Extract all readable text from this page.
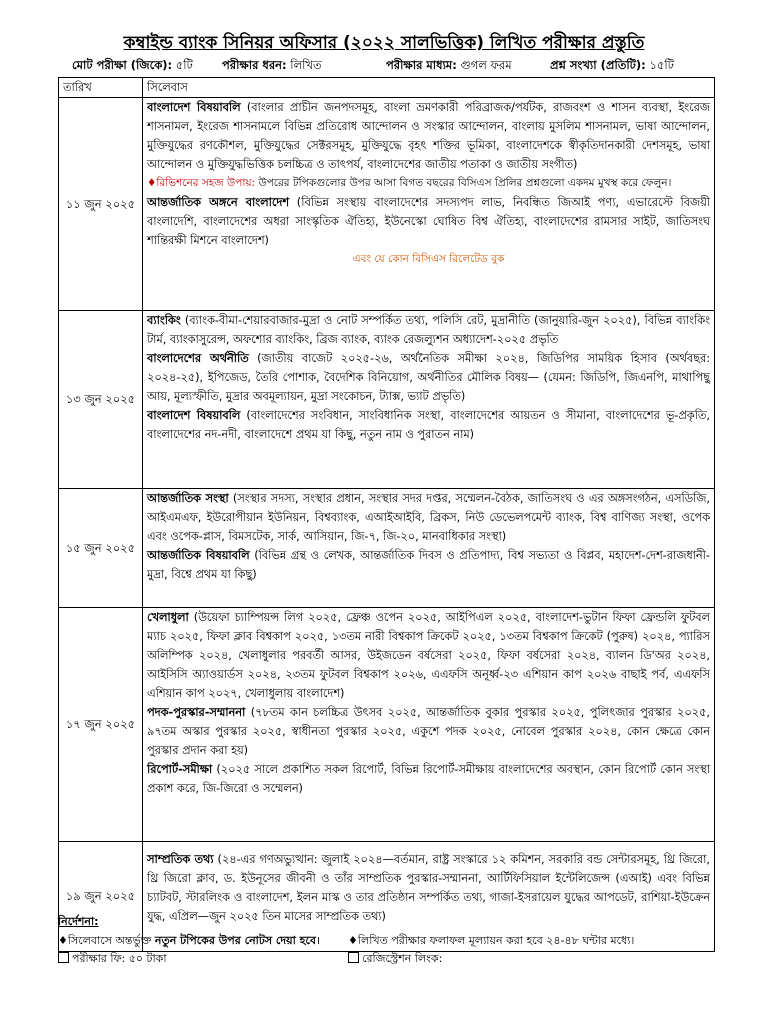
কম্বাইন্ড ব্যাংক সিনিয়র অফিসার (২০২২ সালভিত্তিক) লিখিত পরীক্ষার প্রস্তুতি
মোট পরীক্ষা (জিকে): ৫টি	পরীক্ষার ধরন: লিখিত	পরীক্ষার মাধ্যম: গুগল ফরম	প্রশ্ন সংখ্যা (প্রতিটি): ১৫টি
তারিখ	সিলেবাস
১১ জুন ২০২৫	বাংলাদেশ বিষয়াবলি (বাংলার প্রাচীন জনপদসমূহ, বাংলা ভ্রমণকারী পরিব্রাজক/পর্যটক, রাজবংশ ও শাসন ব্যবস্থা, ইংরেজ শাসনামল, ইংরেজ শাসনামলে বিভিন্ন প্রতিরোধ আন্দোলন ও সংস্কার আন্দোলন, বাংলায় মুসলিম শাসনামল, ভাষা আন্দোলন, মুক্তিযুদ্ধের রণকৌশল, মুক্তিযুদ্ধের সেক্টরসমূহ, মুক্তিযুদ্ধে বৃহৎ শক্তির ভূমিকা, বাংলাদেশকে স্বীকৃতিদানকারী দেশসমূহ, ভাষা আন্দোলন ও মুক্তিযুদ্ধভিত্তিক চলচ্চিত্র ও তাৎপর্য, বাংলাদেশের জাতীয় পতাকা ও জাতীয় সংগীত)

♦রিভিশনের সহজ উপায়: উপরের টপিকগুলোর উপর আসা বিগত বছরের বিসিএস প্রিলির প্রশ্নগুলো একদম মুখস্থ করে ফেলুন।

আন্তর্জাতিক অঙ্গনে বাংলাদেশ (বিভিন্ন সংস্থায় বাংলাদেশের সদস্যপদ লাভ, নিবন্ধিত জিআই পণ্য, এভারেস্টে বিজয়ী বাংলাদেশি, বাংলাদেশের অধরা সাংস্কৃতিক ঐতিহ্য, ইউনেস্কো ঘোষিত বিশ্ব ঐতিহ্য, বাংলাদেশের রামসার সাইট, জাতিসংঘ শান্তিরক্ষী মিশনে বাংলাদেশ)

এবং যে কোন বিসিএস রিলেটেড বুক

১৩ জুন ২০২৫	ব্যাংকিং (ব্যাংক-বীমা-শেয়ারবাজার-মুদ্রা ও নোট সম্পর্কিত তথ্য, পলিসি রেট, মুদ্রানীতি (জানুয়ারি-জুন ২০২৫), বিভিন্ন ব্যাংকিং টার্ম, ব্যাংকাসুরেন্স, অফশোর ব্যাংকিং, ব্রিজ ব্যাংক, ব্যাংক রেজল্যুশন অধ্যাদেশ-২০২৫ প্রভৃতি

বাংলাদেশের অর্থনীতি (জাতীয় বাজেট ২০২৫-২৬, অর্থনৈতিক সমীক্ষা ২০২৪, জিডিপির সাময়িক হিসাব (অর্থবছর: ২০২৪-২৫), ইপিজেড, তৈরি পোশাক, বৈদেশিক বিনিয়োগ, অর্থনীতির মৌলিক বিষয়— (যেমন: জিডিপি, জিএনপি, মাথাপিছু আয়, মূল্যস্ফীতি, মুদ্রার অবমূল্যায়ন, মুদ্রা সংকোচন, ট্যাক্স, ভ্যাট প্রভৃতি)

বাংলাদেশ বিষয়াবলি (বাংলাদেশের সংবিধান, সাংবিধানিক সংস্থা, বাংলাদেশের আয়তন ও সীমানা, বাংলাদেশের ভূ-প্রকৃতি, বাংলাদেশের নদ-নদী, বাংলাদেশে প্রথম যা কিছু, নতুন নাম ও পুরাতন নাম)

১৫ জুন ২০২৫	আন্তর্জাতিক সংস্থা (সংস্থার সদস্য, সংস্থার প্রধান, সংস্থার সদর দপ্তর, সম্মেলন-বৈঠক, জাতিসংঘ ও এর অঙ্গসংগঠন, এসডিজি, আইএমএফ, ইউরোপীয়ান ইউনিয়ন, বিশ্বব্যাংক, এআইআইবি, ব্রিকস, নিউ ডেভেলপমেন্ট ব্যাংক, বিশ্ব বাণিজ্য সংস্থা, ওপেক এবং ওপেক-প্লাস, বিমসটেক, সার্ক, আসিয়ান, জি-৭, জি-২০, মানবাধিকার সংস্থা)

আন্তর্জাতিক বিষয়াবলি (বিভিন্ন গ্রন্থ ও লেখক, আন্তর্জাতিক দিবস ও প্রতিপাদ্য, বিশ্ব সভ্যতা ও বিপ্লব, মহাদেশ-দেশ-রাজধানী-মুদ্রা, বিশ্বে প্রথম যা কিছু)

১৭ জুন ২০২৫	খেলাধুলা (উয়েফা চ্যাম্পিয়ন্স লিগ ২০২৫, ফ্রেঞ্চ ওপেন ২০২৫, আইপিএল ২০২৫, বাংলাদেশ-ভুটান ফিফা ফ্রেন্ডলি ফুটবল ম্যাচ ২০২৫, ফিফা ক্লাব বিশ্বকাপ ২০২৫, ১৩তম নারী বিশ্বকাপ ক্রিকেট ২০২৫, ১৩তম বিশ্বকাপ ক্রিকেট (পুরুষ) ২০২৪, প্যারিস অলিম্পিক ২০২৪, খেলাধুলার পরবর্তী আসর, উইজডেন বর্ষসেরা ২০২৫, ফিফা বর্ষসেরা ২০২৪, ব্যালন ডি'অর ২০২৪, আইসিসি অ্যাওয়ার্ডস ২০২৪, ২৩তম ফুটবল বিশ্বকাপ ২০২৬, এএফসি অনূর্ধ্ব-২৩ এশিয়ান কাপ ২০২৬ বাছাই পর্ব, এএফসি এশিয়ান কাপ ২০২৭, খেলাধুলায় বাংলাদেশ)

পদক-পুরস্কার-সম্মাননা (৭৮তম কান চলচ্চিত্র উৎসব ২০২৫, আন্তর্জাতিক বুকার পুরস্কার ২০২৫, পুলিৎজার পুরস্কার ২০২৫, ৯৭তম অস্কার পুরস্কার ২০২৫, স্বাধীনতা পুরস্কার ২০২৫, একুশে পদক ২০২৫, নোবেল পুরস্কার ২০২৪, কোন ক্ষেত্রে কোন পুরস্কার প্রদান করা হয়)

রিপোর্ট-সমীক্ষা (২০২৫ সালে প্রকাশিত সকল রিপোর্ট, বিভিন্ন রিপোর্ট-সমীক্ষায় বাংলাদেশের অবস্থান, কোন রিপোর্ট কোন সংস্থা প্রকাশ করে, জি-জিরো ও সম্মেলন)

১৯ জুন ২০২৫	সাম্প্রতিক তথ্য (২৪-এর গণঅভ্যুত্থান: জুলাই ২০২৪—বর্তমান, রাষ্ট্র সংস্কারে ১২ কমিশন, সরকারি বন্ড সেন্টারসমূহ, থ্রি জিরো, থ্রি জিরো ক্লাব, ড. ইউনূসের জীবনী ও তাঁর সাম্প্রতিক পুরস্কার-সম্মাননা, আর্টিফিসিয়াল ইন্টেলিজেন্স (এআই) এবং বিভিন্ন চ্যাটবট, স্টারলিংক ও বাংলাদেশ, ইলন মাস্ক ও তার প্রতিষ্ঠান সম্পর্কিত তথ্য, গাজা-ইসরায়েল যুদ্ধের আপডেট, রাশিয়া-ইউক্রেন যুদ্ধ, এপ্রিল—জুন ২০২৫ তিন মাসের সাম্প্রতিক তথ্য)

নির্দেশনা:
♦সিলেবাসে অন্তর্ভুক্ত নতুন টপিকের উপর নোটস দেয়া হবে।	♦লিখিত পরীক্ষার ফলাফল মূল্যায়ন করা হবে ২৪-৪৮ ঘন্টার মধ্যে।
পরীক্ষার ফি: ৫০ টাকা	রেজিস্ট্রেশন লিংক:
